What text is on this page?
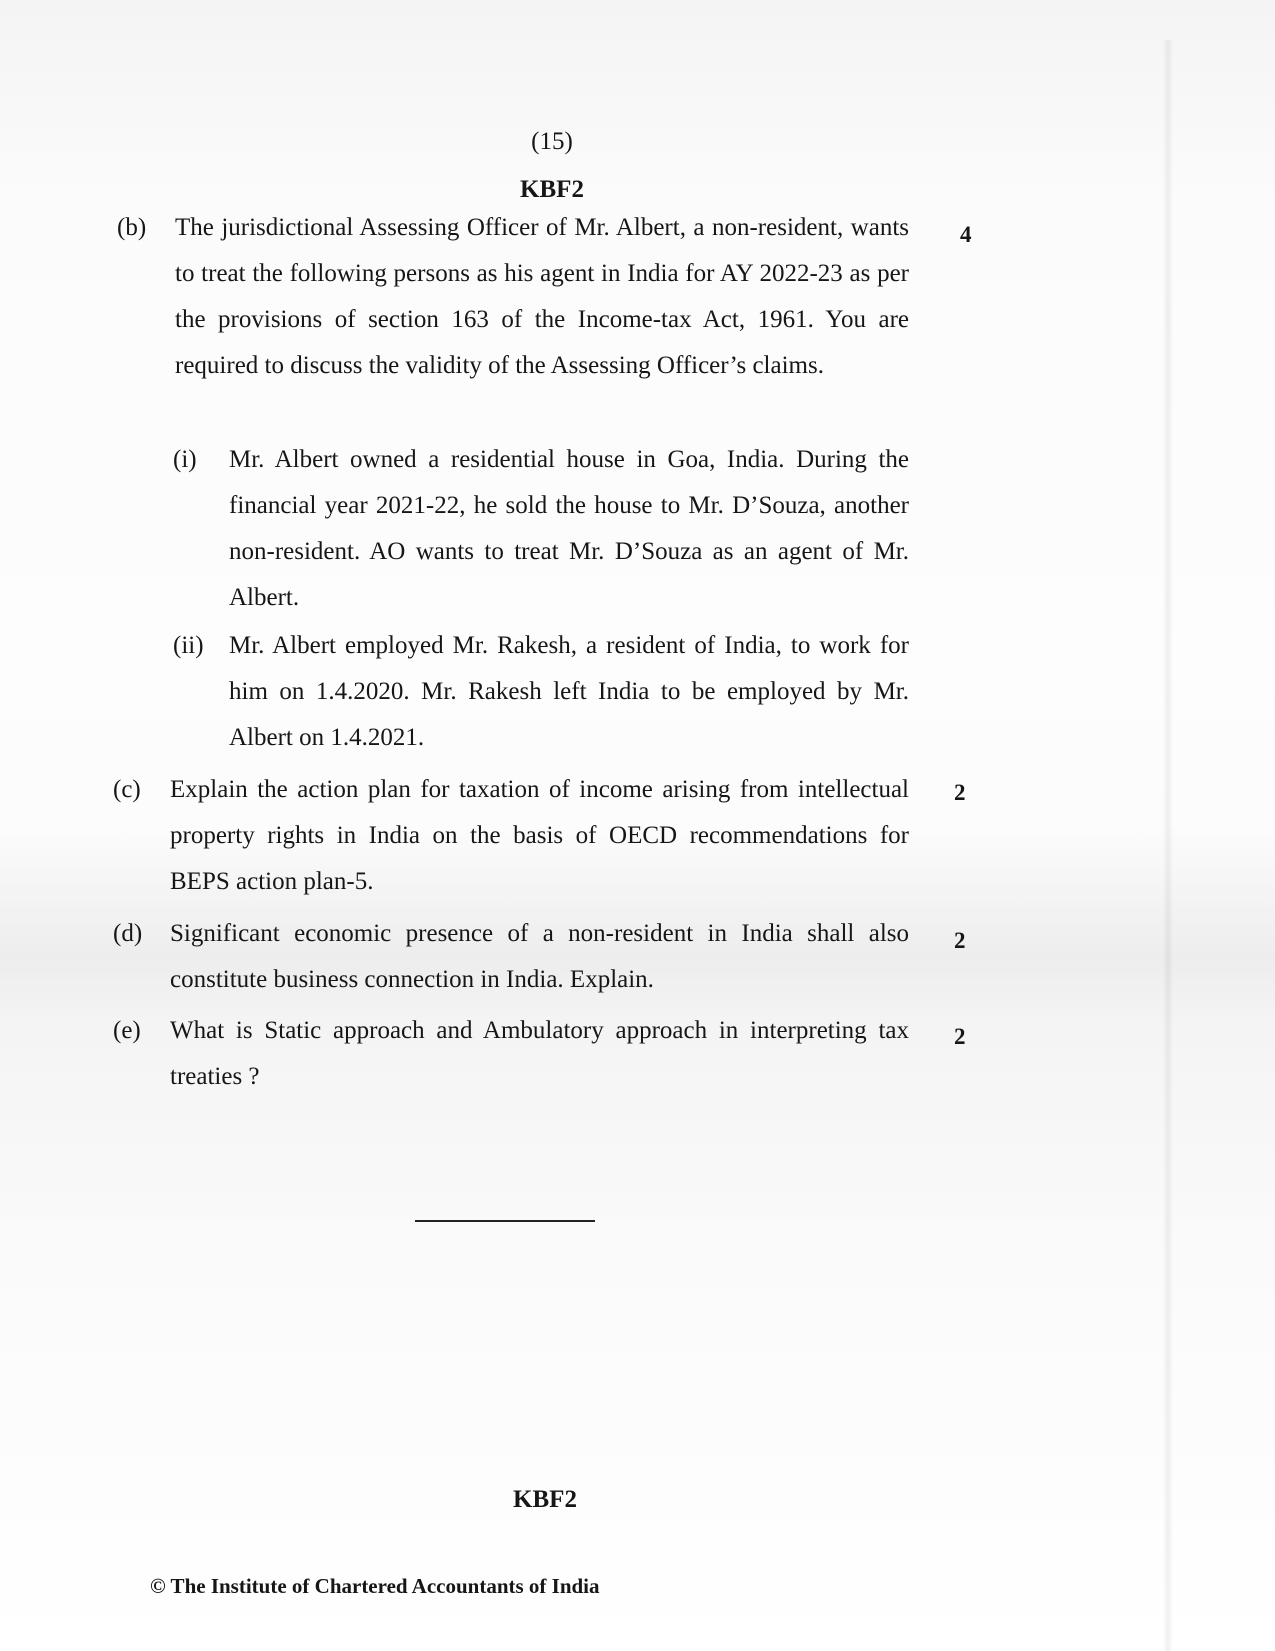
(15)
KBF2
(b) The jurisdictional Assessing Officer of Mr. Albert, a non-resident, wants to treat the following persons as his agent in India for AY 2022-23 as per the provisions of section 163 of the Income-tax Act, 1961. You are required to discuss the validity of the Assessing Officer’s claims.
4
(i) Mr. Albert owned a residential house in Goa, India. During the financial year 2021-22, he sold the house to Mr. D’Souza, another non-resident. AO wants to treat Mr. D’Souza as an agent of Mr. Albert.
(ii) Mr. Albert employed Mr. Rakesh, a resident of India, to work for him on 1.4.2020. Mr. Rakesh left India to be employed by Mr. Albert on 1.4.2021.
(c) Explain the action plan for taxation of income arising from intellectual property rights in India on the basis of OECD recommendations for BEPS action plan-5.
2
(d) Significant economic presence of a non-resident in India shall also constitute business connection in India. Explain.
2
(e) What is Static approach and Ambulatory approach in interpreting tax treaties ?
2
KBF2
© The Institute of Chartered Accountants of India
